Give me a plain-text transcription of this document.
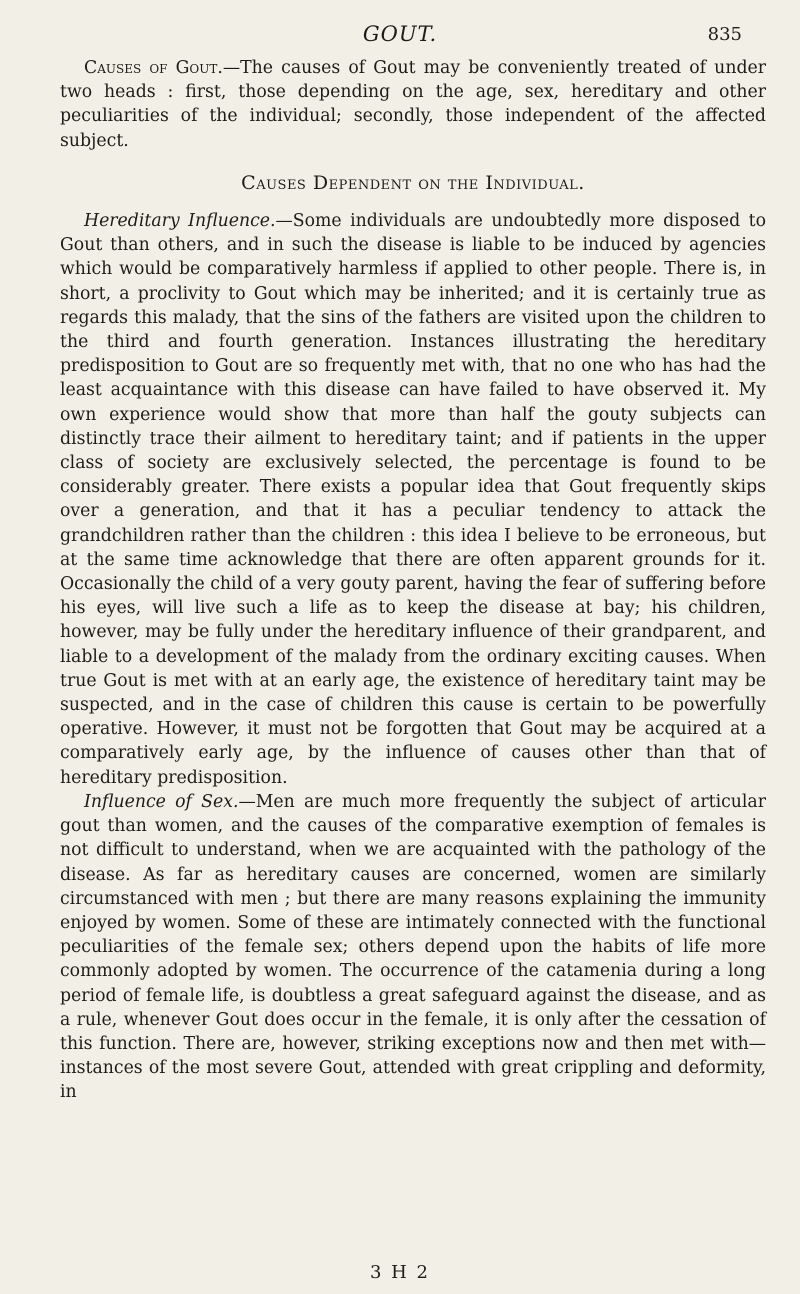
GOUT.	835

Causes of Gout.—The causes of Gout may be conveniently treated of under two heads : first, those depending on the age, sex, hereditary and other peculiarities of the individual; secondly, those independent of the affected subject.

Causes Dependent on the Individual.

Hereditary Influence.—Some individuals are undoubtedly more disposed to Gout than others, and in such the disease is liable to be induced by agencies which would be comparatively harmless if applied to other people. There is, in short, a proclivity to Gout which may be inherited; and it is certainly true as regards this malady, that the sins of the fathers are visited upon the children to the third and fourth generation. Instances illustrating the hereditary predisposition to Gout are so frequently met with, that no one who has had the least acquaintance with this disease can have failed to have observed it. My own experience would show that more than half the gouty subjects can distinctly trace their ailment to hereditary taint; and if patients in the upper class of society are exclusively selected, the percentage is found to be considerably greater. There exists a popular idea that Gout frequently skips over a generation, and that it has a peculiar tendency to attack the grandchildren rather than the children : this idea I believe to be erroneous, but at the same time acknowledge that there are often apparent grounds for it. Occasionally the child of a very gouty parent, having the fear of suffering before his eyes, will live such a life as to keep the disease at bay; his children, however, may be fully under the hereditary influence of their grandparent, and liable to a development of the malady from the ordinary exciting causes. When true Gout is met with at an early age, the existence of hereditary taint may be suspected, and in the case of children this cause is certain to be powerfully operative. However, it must not be forgotten that Gout may be acquired at a comparatively early age, by the influence of causes other than that of hereditary predisposition.

Influence of Sex.—Men are much more frequently the subject of articular gout than women, and the causes of the comparative exemption of females is not difficult to understand, when we are acquainted with the pathology of the disease. As far as hereditary causes are concerned, women are similarly circumstanced with men ; but there are many reasons explaining the immunity enjoyed by women. Some of these are intimately connected with the functional peculiarities of the female sex; others depend upon the habits of life more commonly adopted by women. The occurrence of the catamenia during a long period of female life, is doubtless a great safeguard against the disease, and as a rule, whenever Gout does occur in the female, it is only after the cessation of this function. There are, however, striking exceptions now and then met with—instances of the most severe Gout, attended with great crippling and deformity, in

3 H 2
